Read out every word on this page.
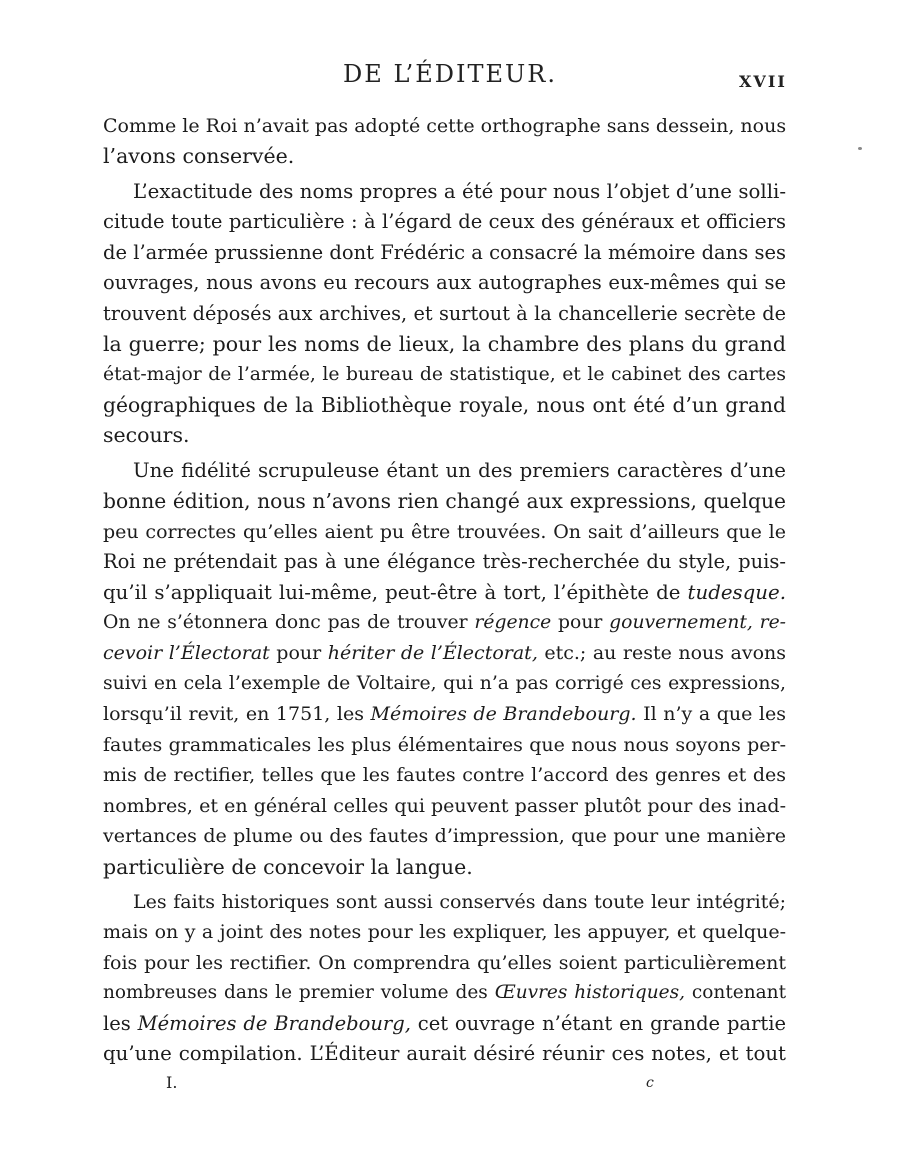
DE L’ÉDITEUR.	XVII
Comme le Roi n’avait pas adopté cette orthographe sans dessein, nous
l’avons conservée.
L’exactitude des noms propres a été pour nous l’objet d’une solli-
citude toute particulière : à l’égard de ceux des généraux et officiers
de l’armée prussienne dont Frédéric a consacré la mémoire dans ses
ouvrages, nous avons eu recours aux autographes eux-mêmes qui se
trouvent déposés aux archives, et surtout à la chancellerie secrète de
la guerre; pour les noms de lieux, la chambre des plans du grand
état-major de l’armée, le bureau de statistique, et le cabinet des cartes
géographiques de la Bibliothèque royale, nous ont été d’un grand
secours.
Une fidélité scrupuleuse étant un des premiers caractères d’une
bonne édition, nous n’avons rien changé aux expressions, quelque
peu correctes qu’elles aient pu être trouvées. On sait d’ailleurs que le
Roi ne prétendait pas à une élégance très-recherchée du style, puis-
qu’il s’appliquait lui-même, peut-être à tort, l’épithète de tudesque.
On ne s’étonnera donc pas de trouver régence pour gouvernement, re-
cevoir l’Électorat pour hériter de l’Électorat, etc.; au reste nous avons
suivi en cela l’exemple de Voltaire, qui n’a pas corrigé ces expressions,
lorsqu’il revit, en 1751, les Mémoires de Brandebourg. Il n’y a que les
fautes grammaticales les plus élémentaires que nous nous soyons per-
mis de rectifier, telles que les fautes contre l’accord des genres et des
nombres, et en général celles qui peuvent passer plutôt pour des inad-
vertances de plume ou des fautes d’impression, que pour une manière
particulière de concevoir la langue.
Les faits historiques sont aussi conservés dans toute leur intégrité;
mais on y a joint des notes pour les expliquer, les appuyer, et quelque-
fois pour les rectifier. On comprendra qu’elles soient particulièrement
nombreuses dans le premier volume des Œuvres historiques, contenant
les Mémoires de Brandebourg, cet ouvrage n’étant en grande partie
qu’une compilation. L’Éditeur aurait désiré réunir ces notes, et tout
I.	c
